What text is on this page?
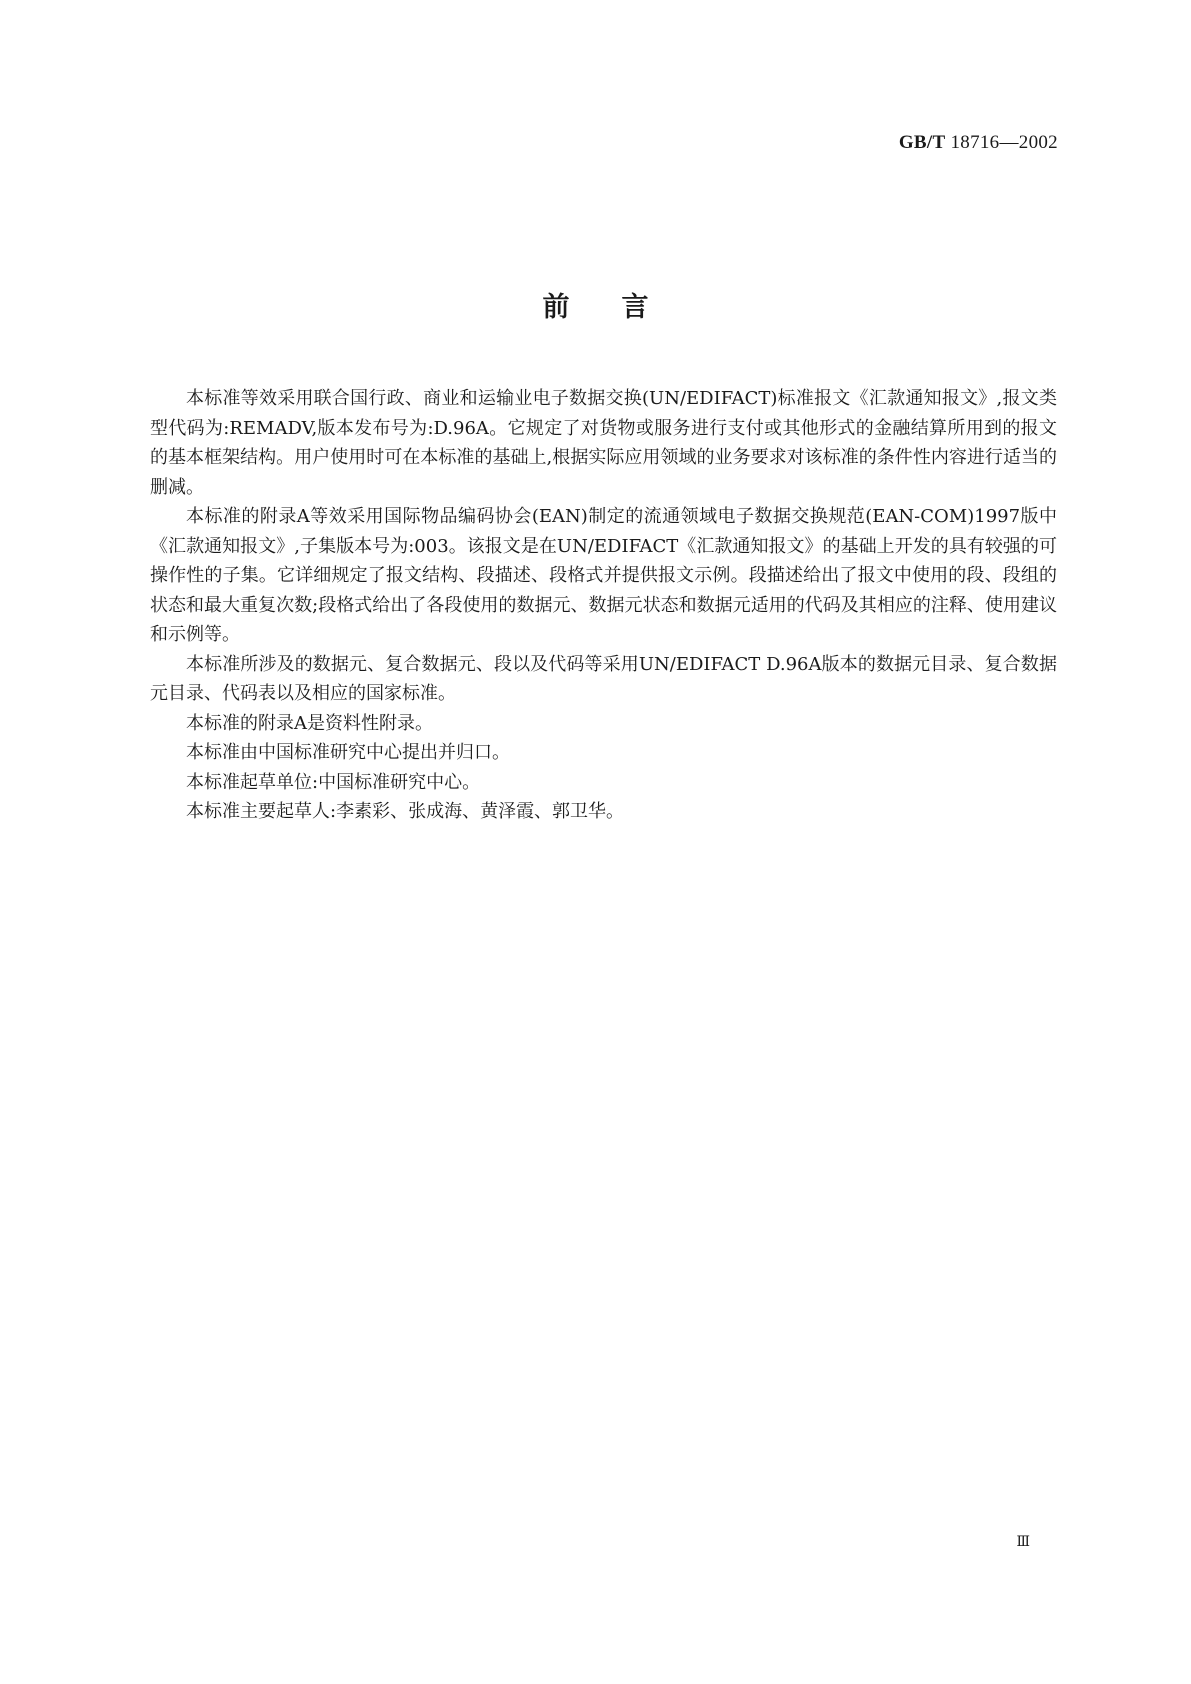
GB/T 18716—2002
前言

本标准等效采用联合国行政、商业和运输业电子数据交换(UN/EDIFACT)标准报文《汇款通知报文》,报文类型代码为:REMADV,版本发布号为:D.96A。它规定了对货物或服务进行支付或其他形式的金融结算所用到的报文的基本框架结构。用户使用时可在本标准的基础上,根据实际应用领域的业务要求对该标准的条件性内容进行适当的删减。

本标准的附录A等效采用国际物品编码协会(EAN)制定的流通领域电子数据交换规范(EAN-COM)1997版中《汇款通知报文》,子集版本号为:003。该报文是在UN/EDIFACT《汇款通知报文》的基础上开发的具有较强的可操作性的子集。它详细规定了报文结构、段描述、段格式并提供报文示例。段描述给出了报文中使用的段、段组的状态和最大重复次数;段格式给出了各段使用的数据元、数据元状态和数据元适用的代码及其相应的注释、使用建议和示例等。

本标准所涉及的数据元、复合数据元、段以及代码等采用UN/EDIFACT D.96A版本的数据元目录、复合数据元目录、代码表以及相应的国家标准。

本标准的附录A是资料性附录。

本标准由中国标准研究中心提出并归口。

本标准起草单位:中国标准研究中心。

本标准主要起草人:李素彩、张成海、黄泽霞、郭卫华。

Ⅲ
